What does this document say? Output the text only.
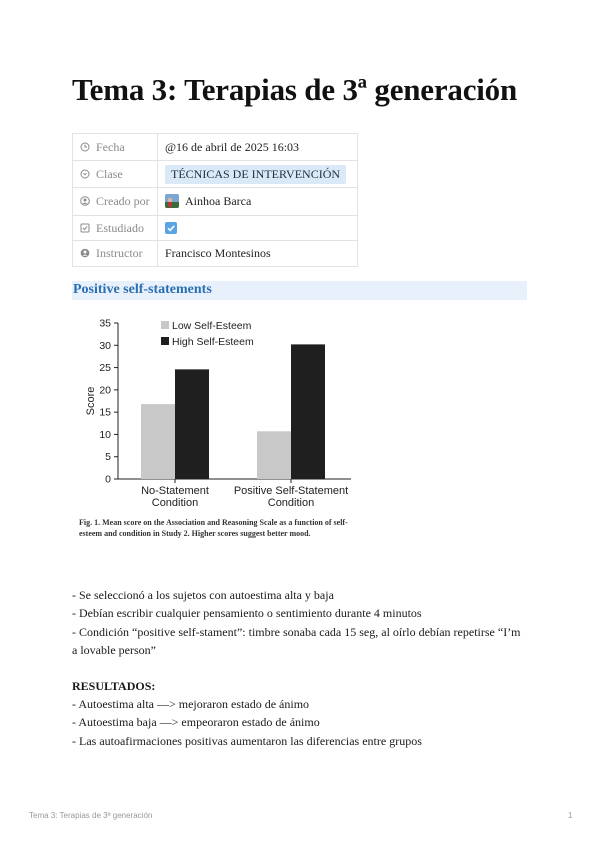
Tema 3: Terapias de 3ª generación
Fecha	@16 de abril de 2025 16:03

Clase	TÉCNICAS DE INTERVENCIÓN

Creado por	Ainhoa Barca

Estudiado	

Instructor	Francisco Montesinos
Positive self-statements
0
5
10
15
20
25
30
35
Score
No-Statement
Condition
Positive Self-Statement
Condition
Low Self-Esteem
High Self-Esteem
Fig. 1. Mean score on the Association and Reasoning Scale as a function of self-esteem and condition in Study 2. Higher scores suggest better mood.
- Se seleccionó a los sujetos con autoestima alta y baja
- Debían escribir cualquier pensamiento o sentimiento durante 4 minutos
- Condición “positive self-stament”: timbre sonaba cada 15 seg, al oírlo debían repetirse “I’m
a lovable person”
RESULTADOS:
- Autoestima alta —> mejoraron estado de ánimo
- Autoestima baja —> empeoraron estado de ánimo
- Las autoafirmaciones positivas aumentaron las diferencias entre grupos
Tema 3: Terapias de 3ª generación	1
